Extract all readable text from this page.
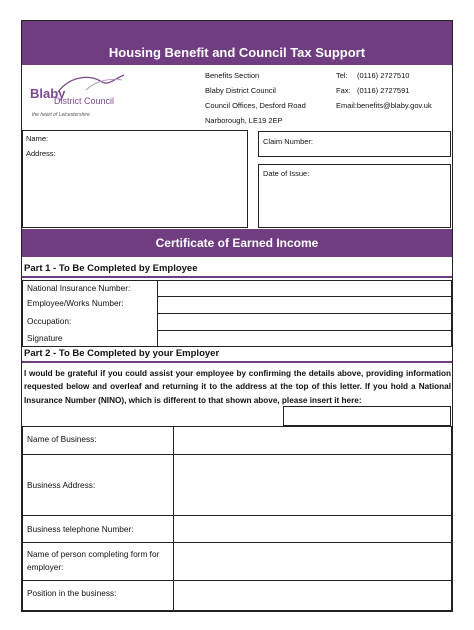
Housing Benefit and Council Tax Support
Blaby
District Council
the heart of Leicestershire
Benefits Section
Blaby District Council
Council Offices, Desford Road
Narborough, LE19 2EP
Tel: (0116) 2727510
Fax: (0116) 2727591
Email:benefits@blaby.gov.uk
Name:
Address:
Claim Number:
Date of Issue:
Certificate of Earned Income
Part 1 - To Be Completed by Employee
National Insurance Number:
Employee/Works Number:
Occupation:
Signature
Part 2 - To Be Completed by your Employer
I would be grateful if you could assist your employee by confirming the details above, providing information requested below and overleaf and returning it to the address at the top of this letter. If you hold a National Insurance Number (NINO), which is different to that shown above, please insert it here:
Name of Business:
Business Address:
Business telephone Number:
Name of person completing form for employer:
Position in the business:
